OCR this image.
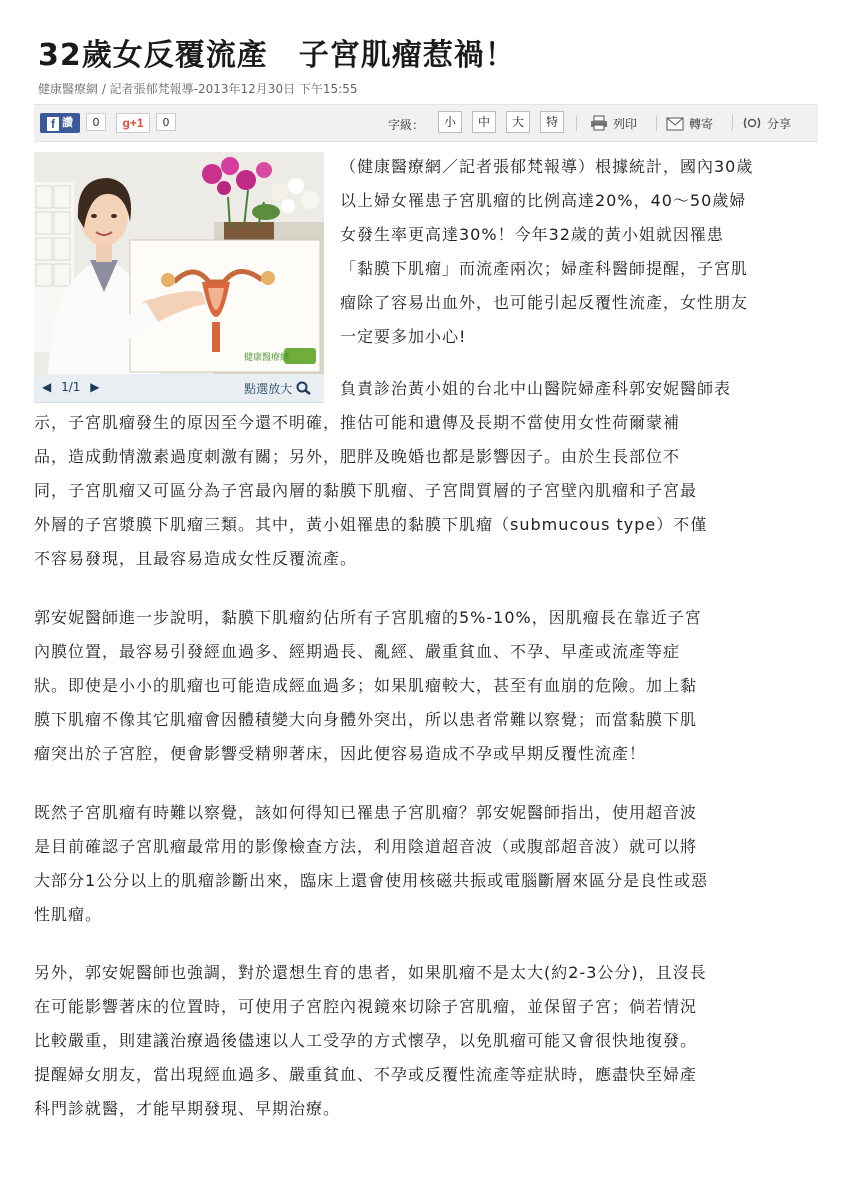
32歲女反覆流產　子宮肌瘤惹禍！
健康醫療網 / 記者張郁梵報導-2013年12月30日 下午15:55
f 讚	0	g+1	0	字級：	小	中	大	特	列印	轉寄	分享
健康醫療網
◀ 1/1 ▶	點選放大
（健康醫療網／記者張郁梵報導）根據統計，國內30歲
以上婦女罹患子宮肌瘤的比例高達20%，40～50歲婦
女發生率更高達30%！今年32歲的黃小姐就因罹患
「黏膜下肌瘤」而流產兩次；婦產科醫師提醒，子宮肌
瘤除了容易出血外，也可能引起反覆性流產，女性朋友
一定要多加小心!
負責診治黃小姐的台北中山醫院婦產科郭安妮醫師表
示，子宮肌瘤發生的原因至今還不明確，推估可能和遺傳及長期不當使用女性荷爾蒙補
品，造成動情激素過度刺激有關；另外，肥胖及晚婚也都是影響因子。由於生長部位不
同，子宮肌瘤又可區分為子宮最內層的黏膜下肌瘤、子宮間質層的子宮壁內肌瘤和子宮最
外層的子宮漿膜下肌瘤三類。其中，黃小姐罹患的黏膜下肌瘤（submucous type）不僅
不容易發現，且最容易造成女性反覆流產。
郭安妮醫師進一步說明，黏膜下肌瘤約佔所有子宮肌瘤的5%-10%，因肌瘤長在靠近子宮
內膜位置，最容易引發經血過多、經期過長、亂經、嚴重貧血、不孕、早產或流產等症
狀。即使是小小的肌瘤也可能造成經血過多；如果肌瘤較大，甚至有血崩的危險。加上黏
膜下肌瘤不像其它肌瘤會因體積變大向身體外突出，所以患者常難以察覺；而當黏膜下肌
瘤突出於子宮腔，便會影響受精卵著床，因此便容易造成不孕或早期反覆性流產！
既然子宮肌瘤有時難以察覺，該如何得知已罹患子宮肌瘤？郭安妮醫師指出，使用超音波
是目前確認子宮肌瘤最常用的影像檢查方法，利用陰道超音波（或腹部超音波）就可以將
大部分1公分以上的肌瘤診斷出來，臨床上還會使用核磁共振或電腦斷層來區分是良性或惡
性肌瘤。
另外，郭安妮醫師也強調，對於還想生育的患者，如果肌瘤不是太大(約2-3公分)，且沒長
在可能影響著床的位置時，可使用子宮腔內視鏡來切除子宮肌瘤，並保留子宮；倘若情況
比較嚴重，則建議治療過後儘速以人工受孕的方式懷孕，以免肌瘤可能又會很快地復發。
提醒婦女朋友，當出現經血過多、嚴重貧血、不孕或反覆性流產等症狀時，應盡快至婦產
科門診就醫，才能早期發現、早期治療。
